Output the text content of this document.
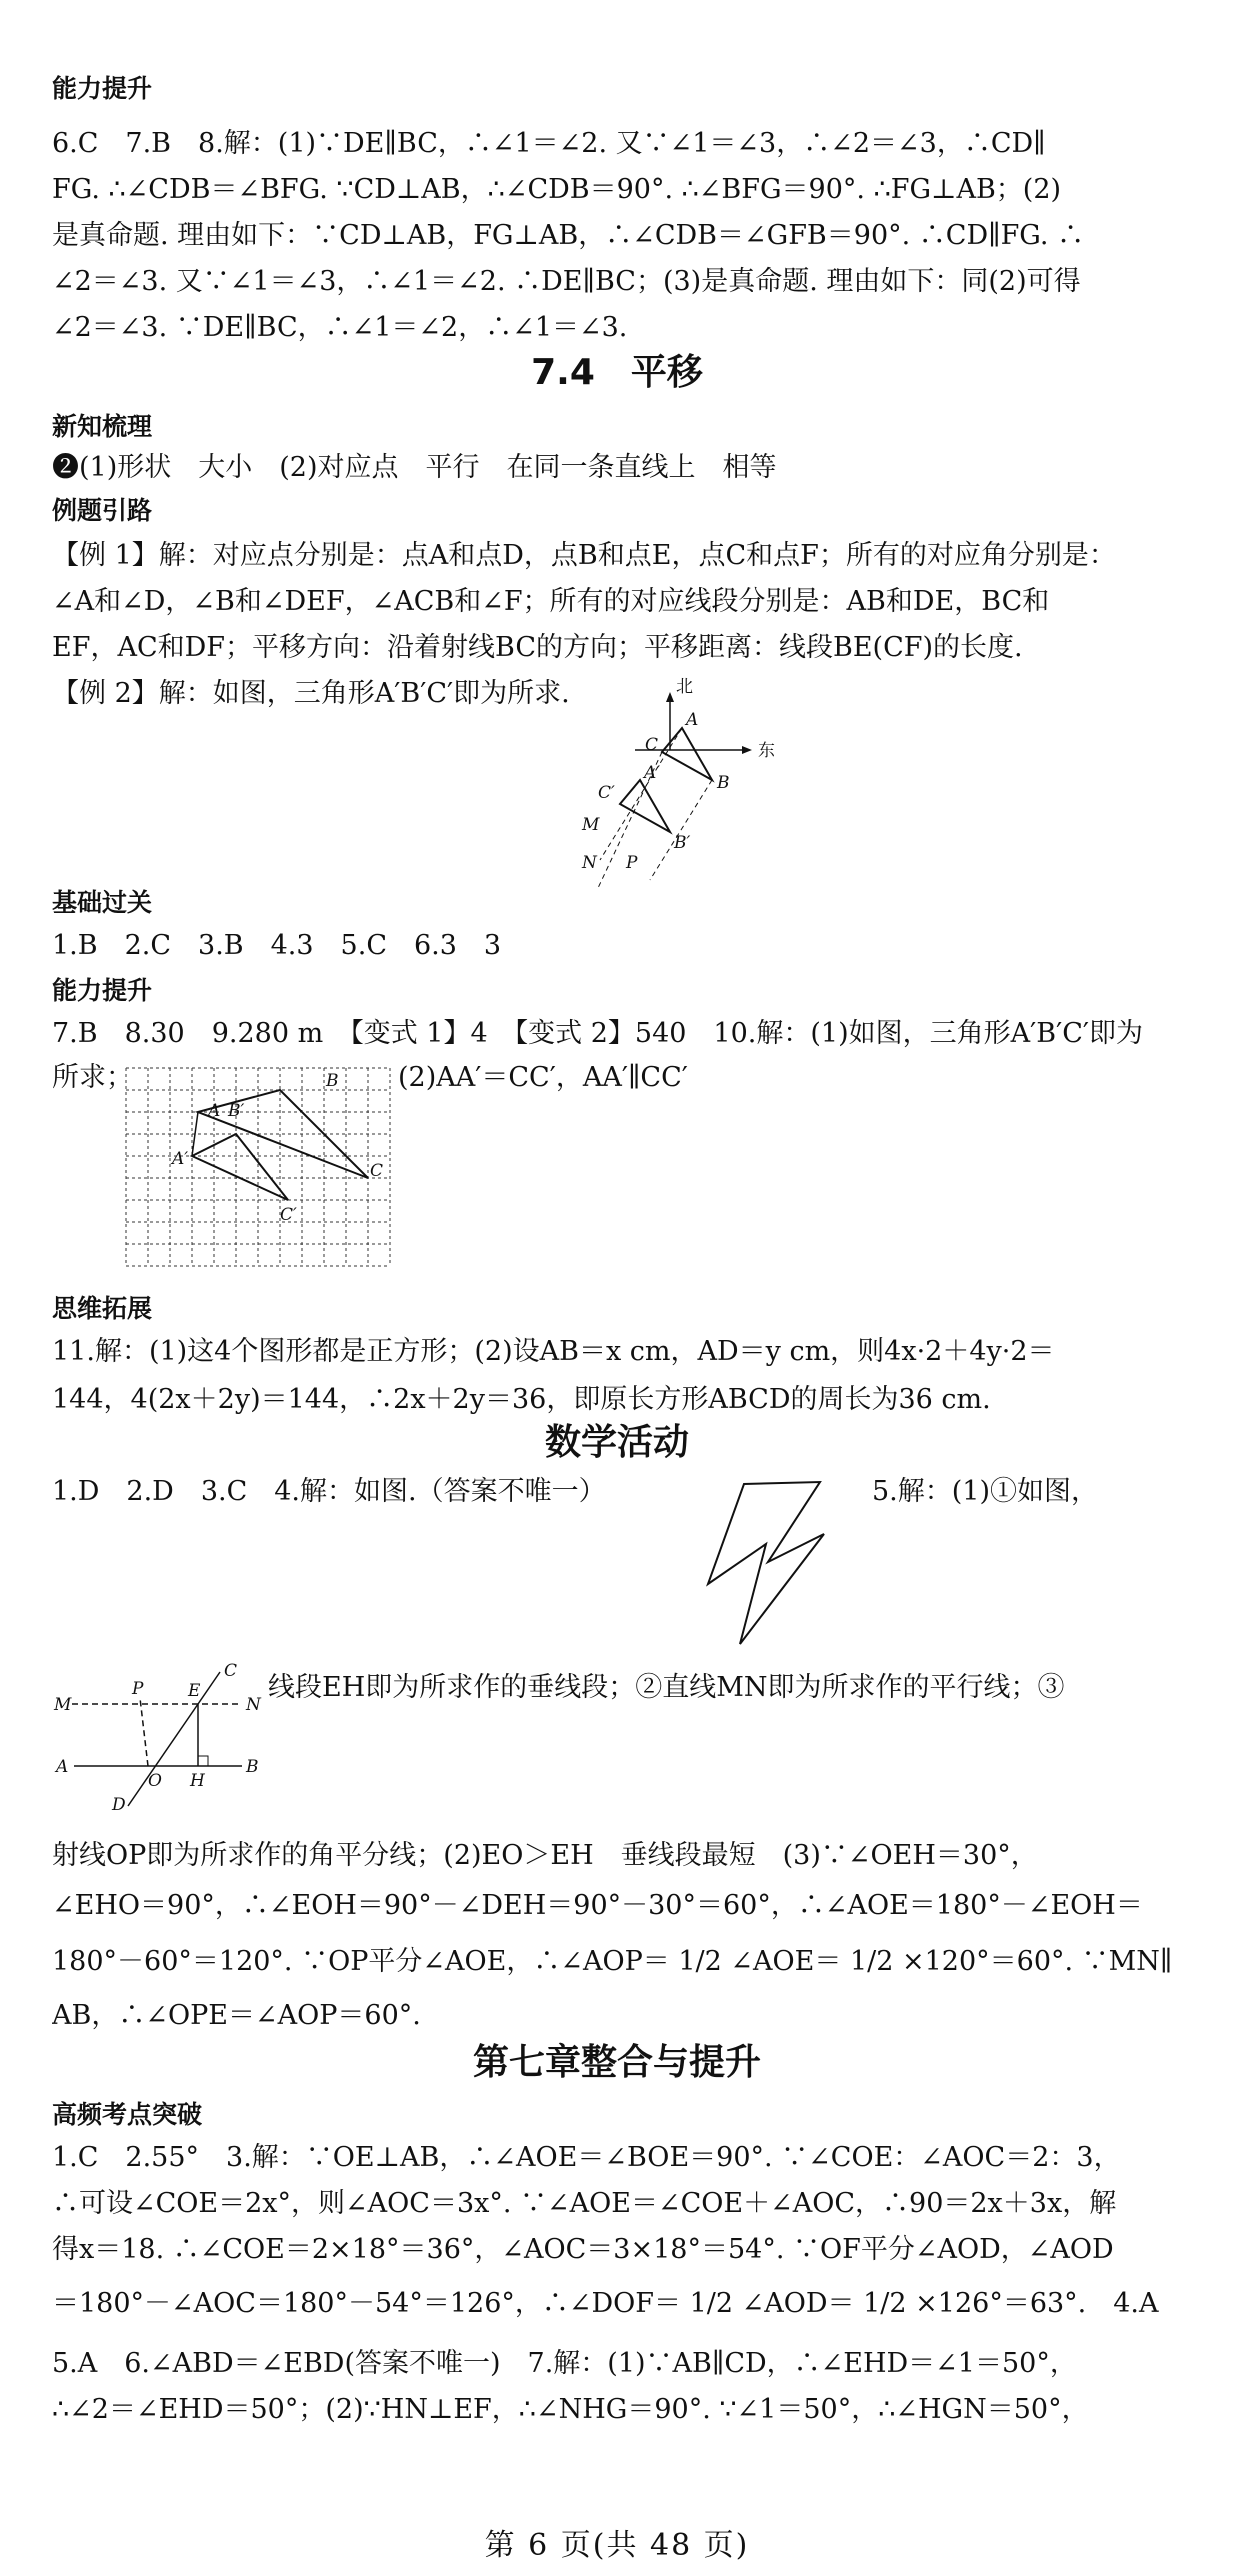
能力提升
6.C　7.B　8.解：(1)∵DE∥BC，∴∠1＝∠2. 又∵∠1＝∠3，∴∠2＝∠3，∴CD∥
FG. ∴∠CDB＝∠BFG. ∵CD⊥AB，∴∠CDB＝90°. ∴∠BFG＝90°. ∴FG⊥AB；(2)
是真命题. 理由如下：∵CD⊥AB，FG⊥AB，∴∠CDB＝∠GFB＝90°. ∴CD∥FG. ∴
∠2＝∠3. 又∵∠1＝∠3，∴∠1＝∠2. ∴DE∥BC；(3)是真命题. 理由如下：同(2)可得
∠2＝∠3. ∵DE∥BC，∴∠1＝∠2，∴∠1＝∠3.
7.4　平移
新知梳理
❷(1)形状　大小　(2)对应点　平行　在同一条直线上　相等
例题引路
【例 1】解：对应点分别是：点A和点D，点B和点E，点C和点F；所有的对应角分别是：
∠A和∠D，∠B和∠DEF，∠ACB和∠F；所有的对应线段分别是：AB和DE，BC和
EF，AC和DF；平移方向：沿着射线BC的方向；平移距离：线段BE(CF)的长度.
【例 2】解：如图，三角形A′B′C′即为所求.	北
东
A
C
B
A′
C′
B′
M
N P
基础过关
1.B　2.C　3.B　4.3　5.C　6.3　3
能力提升
7.B　8.30　9.280 m　【变式 1】4　【变式 2】540　10.解：(1)如图，三角形A′B′C′即为
所求；	(2)AA′＝CC′，AA′∥CC′
B
A B′
A′
C
C′
思维拓展
11.解：(1)这4个图形都是正方形；(2)设AB＝x cm，AD＝y cm，则4x·2＋4y·2＝
144，4(2x＋2y)＝144，∴2x＋2y＝36，即原长方形ABCD的周长为36 cm.
数学活动
1.D　2.D　3.C　4.解：如图.（答案不唯一）	5.解：(1)①如图，
M	N
A	B
C
D
E
O H
P	线段EH即为所求作的垂线段；②直线MN即为所求作的平行线；③
射线OP即为所求作的角平分线；(2)EO＞EH　垂线段最短　(3)∵∠OEH＝30°，
∠EHO＝90°，∴∠EOH＝90°－∠DEH＝90°－30°＝60°，∴∠AOE＝180°－∠EOH＝
180°－60°＝120°. ∵OP平分∠AOE，∴∠AOP＝ 1/2 ∠AOE＝ 1/2 ×120°＝60°. ∵MN∥
AB，∴∠OPE＝∠AOP＝60°.
第七章整合与提升
高频考点突破
1.C　2.55°　3.解：∵OE⊥AB，∴∠AOE＝∠BOE＝90°. ∵∠COE：∠AOC＝2：3，
∴可设∠COE＝2x°，则∠AOC＝3x°. ∵∠AOE＝∠COE＋∠AOC，∴90＝2x＋3x，解
得x＝18. ∴∠COE＝2×18°＝36°，∠AOC＝3×18°＝54°. ∵OF平分∠AOD，∠AOD
＝180°－∠AOC＝180°－54°＝126°，∴∠DOF＝ 1/2 ∠AOD＝ 1/2 ×126°＝63°.　4.A
5.A　6.∠ABD＝∠EBD(答案不唯一)　7.解：(1)∵AB∥CD，∴∠EHD＝∠1＝50°，
∴∠2＝∠EHD＝50°；(2)∵HN⊥EF，∴∠NHG＝90°. ∵∠1＝50°，∴∠HGN＝50°，
第 6 页(共 48 页)
